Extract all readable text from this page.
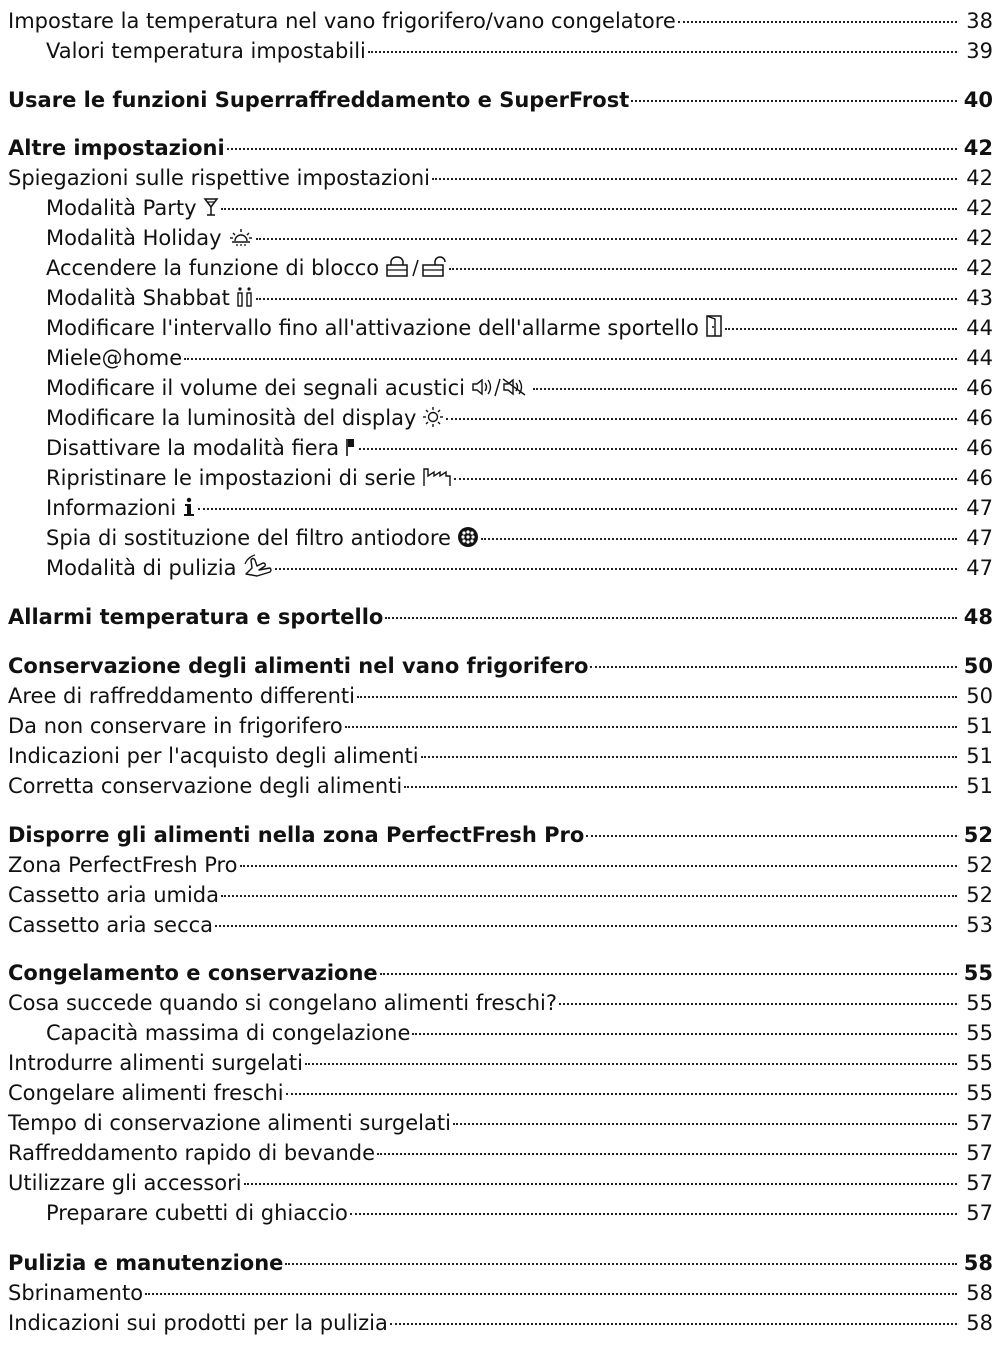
Impostare la temperatura nel vano frigorifero/vano congelatore	38
Valori temperatura impostabili	39
Usare le funzioni Superraffreddamento e SuperFrost	40
Altre impostazioni	42
Spiegazioni sulle rispettive impostazioni	42
Modalità Party	42
Modalità Holiday	42
Accendere la funzione di blocco	42
Modalità Shabbat	43
Modificare l'intervallo fino all'attivazione dell'allarme sportello	44
Miele@home	44
Modificare il volume dei segnali acustici	46
Modificare la luminosità del display	46
Disattivare la modalità fiera	46
Ripristinare le impostazioni di serie	46
Informazioni	47
Spia di sostituzione del filtro antiodore	47
Modalità di pulizia	47
Allarmi temperatura e sportello	48
Conservazione degli alimenti nel vano frigorifero	50
Aree di raffreddamento differenti	50
Da non conservare in frigorifero	51
Indicazioni per l'acquisto degli alimenti	51
Corretta conservazione degli alimenti	51
Disporre gli alimenti nella zona PerfectFresh Pro	52
Zona PerfectFresh Pro	52
Cassetto aria umida	52
Cassetto aria secca	53
Congelamento e conservazione	55
Cosa succede quando si congelano alimenti freschi?	55
Capacità massima di congelazione	55
Introdurre alimenti surgelati	55
Congelare alimenti freschi	55
Tempo di conservazione alimenti surgelati	57
Raffreddamento rapido di bevande	57
Utilizzare gli accessori	57
Preparare cubetti di ghiaccio	57
Pulizia e manutenzione	58
Sbrinamento	58
Indicazioni sui prodotti per la pulizia	58
